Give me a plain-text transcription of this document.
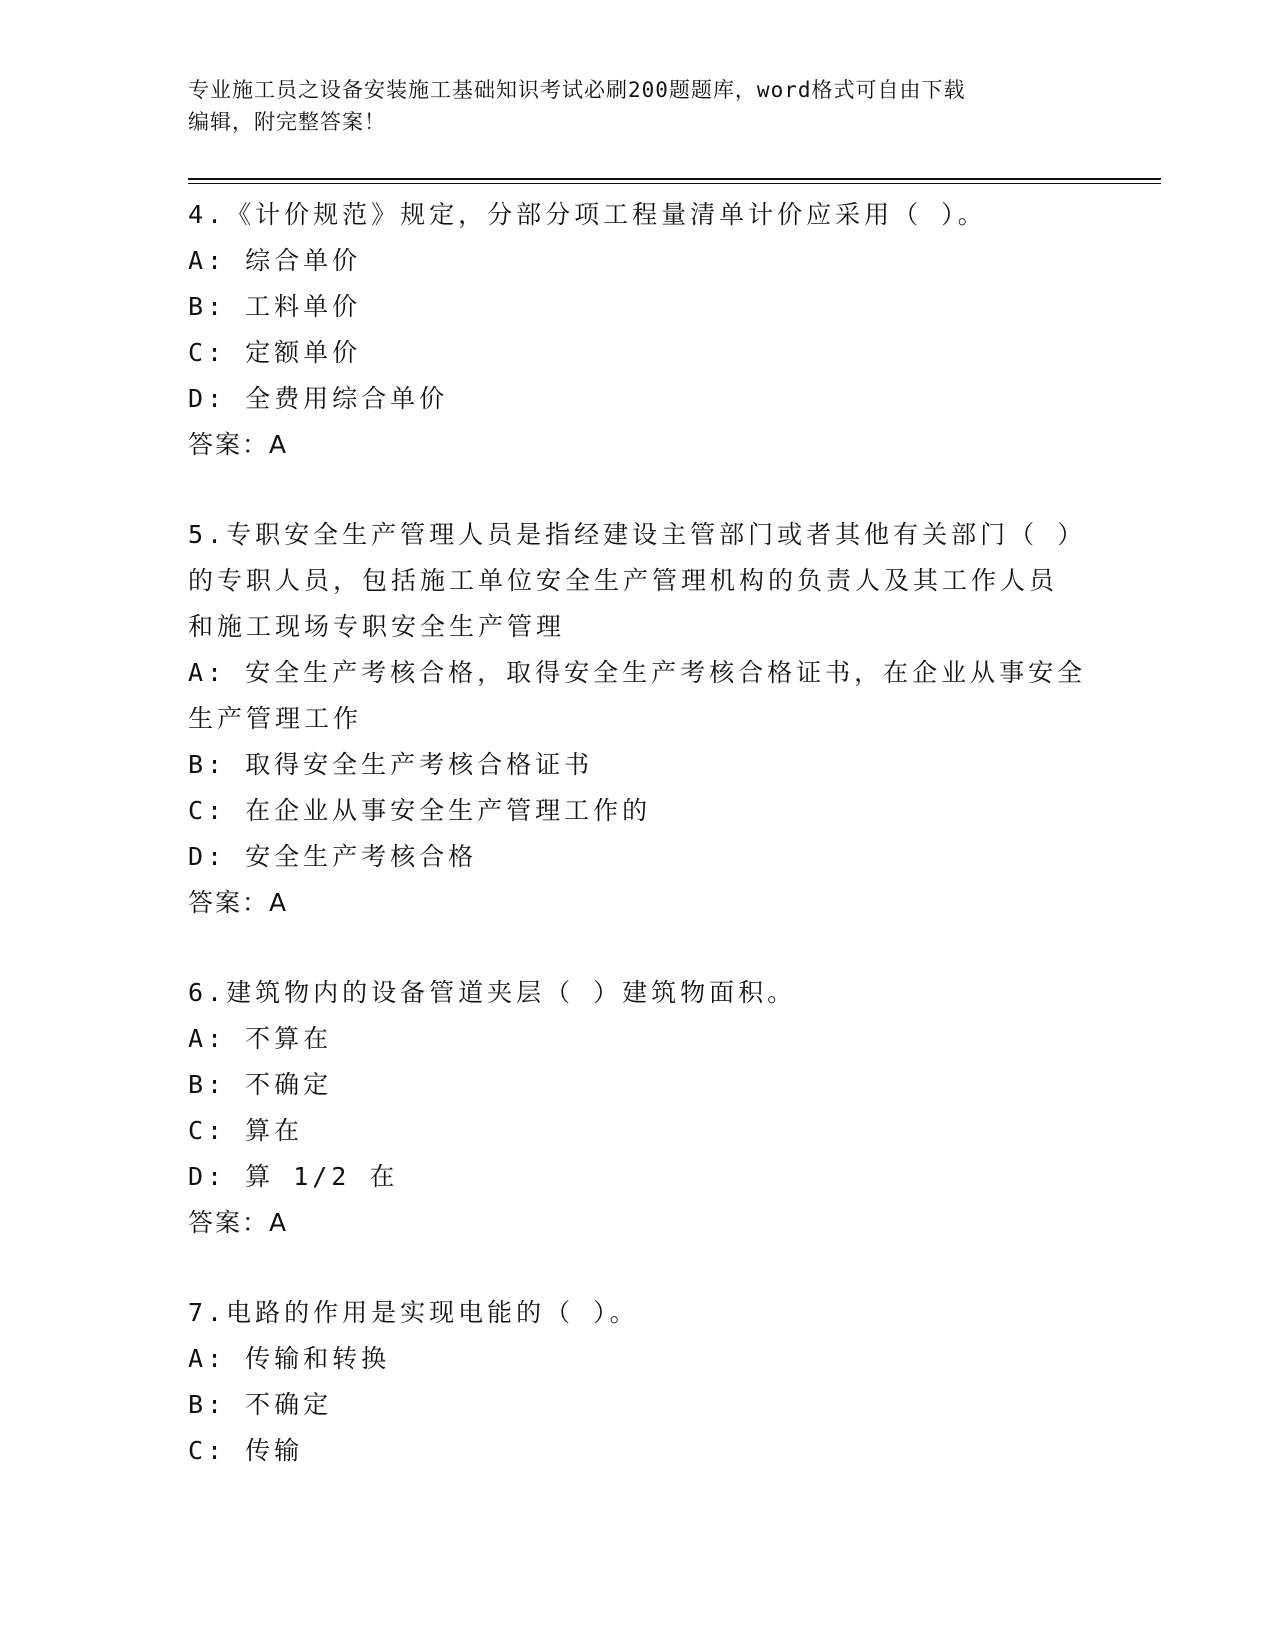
专业施工员之设备安装施工基础知识考试必刷200题题库，word格式可自由下载
编辑，附完整答案！
4.《计价规范》规定，分部分项工程量清单计价应采用（ ）。
A: 综合单价
B: 工料单价
C: 定额单价
D: 全费用综合单价
答案：A
5.专职安全生产管理人员是指经建设主管部门或者其他有关部门（ ）
的专职人员，包括施工单位安全生产管理机构的负责人及其工作人员
和施工现场专职安全生产管理
A: 安全生产考核合格，取得安全生产考核合格证书，在企业从事安全
生产管理工作
B: 取得安全生产考核合格证书
C: 在企业从事安全生产管理工作的
D: 安全生产考核合格
答案：A
6.建筑物内的设备管道夹层（ ）建筑物面积。
A: 不算在
B: 不确定
C: 算在
D: 算 1/2 在
答案：A
7.电路的作用是实现电能的（ ）。
A: 传输和转换
B: 不确定
C: 传输
